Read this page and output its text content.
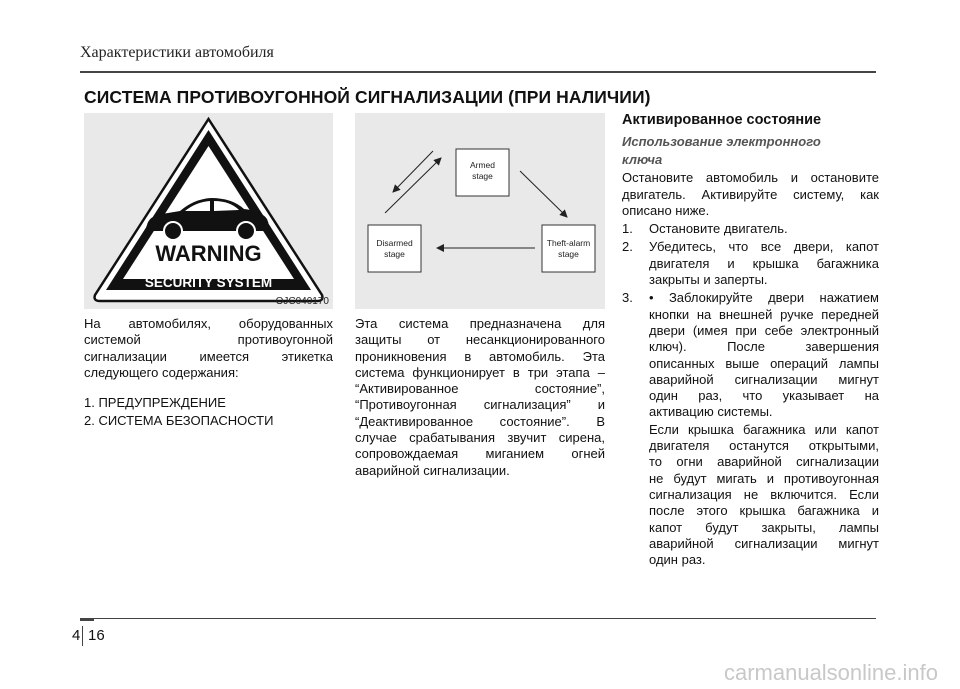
Характеристики автомобиля
СИСТЕМА ПРОТИВОУГОННОЙ СИГНАЛИЗАЦИИ (ПРИ НАЛИЧИИ)
WARNING
SECURITY SYSTEM
OJC040170
Armed
stage
Disarmed
stage
Theft-alarm
stage

На автомобилях, оборудованных

системой противоугонной

сигнализации имеется этикетка

следующего содержания:

1. ПРЕДУПРЕЖДЕНИЕ

2. СИСТЕМА БЕЗОПАСНОСТИ

Эта система предназначена для

защиты от несанкционированного

проникновения в автомобиль. Эта

система функционирует в три этапа –

“Активированное состояние”,

“Противоугонная сигнализация” и

“Деактивированное состояние”. В

случае срабатывания звучит сирена,

сопровождаемая миганием огней

аварийной сигнализации.

Активированное состояние

Использование электронного

ключа

Остановите автомобиль и остановите

двигатель. Активируйте систему, как

описано ниже.

1. Остановите двигатель.

2. Убедитесь, что все двери, капот

двигателя и крышка багажника

закрыты и заперты.

3. • Заблокируйте двери нажатием

кнопки на внешней ручке передней

двери (имея при себе электронный

ключ). После завершения

описанных выше операций лампы

аварийной сигнализации мигнут

один раз, что указывает на

активацию системы.

Если крышка багажника или капот

двигателя останутся открытыми,

то огни аварийной сигнализации

не будут мигать и противоугонная

сигнализация не включится. Если

после этого крышка багажника и

капот будут закрыты, лампы

аварийной сигнализации мигнут

один раз.

4 16
carmanualsonline.info
